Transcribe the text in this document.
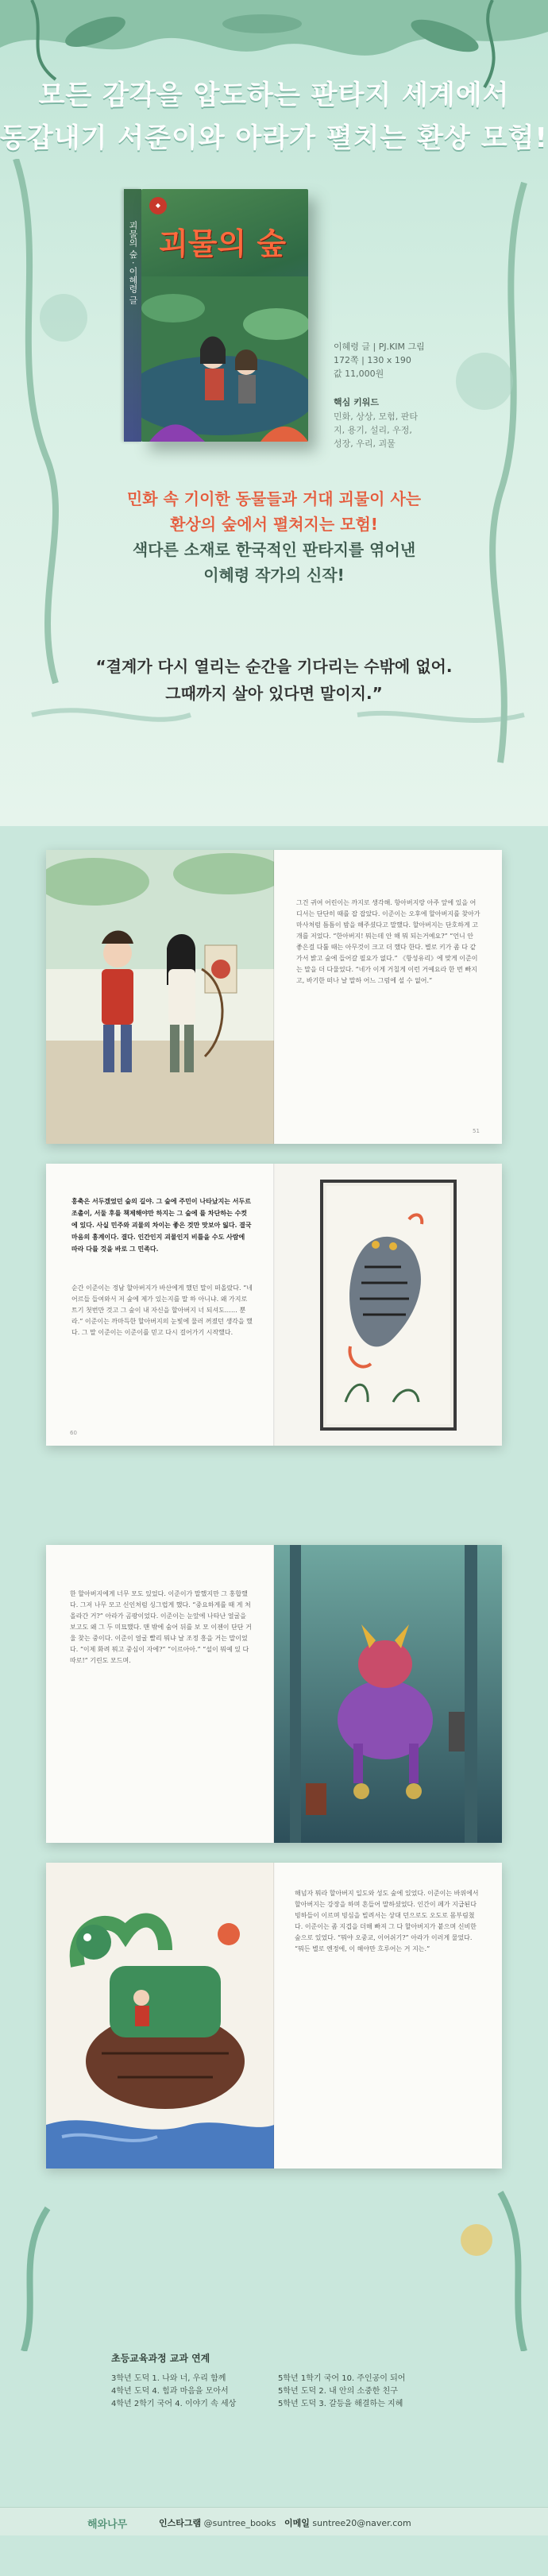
모든 감각을 압도하는 판타지 세계에서
동갑내기 서준이와 아라가 펼치는 환상 모험!
괴물의 숲 · 이혜령 글
◆
괴물의 숲
이혜령 글 | PJ.KIM 그림
172쪽 | 130 x 190
값 11,000원
핵심 키워드
민화, 상상, 모험, 판타지, 용기, 설리, 우정, 성장, 우리, 괴물
민화 속 기이한 동물들과 거대 괴물이 사는
환상의 숲에서 펼쳐지는 모험!
색다른 소재로 한국적인 판타지를 엮어낸
이혜령 작가의 신작!
“결계가 다시 열리는 순간을 기다리는 수밖에 없어.
그때까지 살아 있다면 말이지.”
그건 귀여 어린이는 까지로 생각해. 항아버지랑 아주 앞에 있을 어디서는 단단히 때를 잡 잡았다. 이준이는 오후에 할아버지를 찾아가 마사처럼 틈틈이 밤을 해주셨다고 말했다. 할아버지는 단호하게 고개를 저었다. “한아버지! 뭐는데 안 해 뭐 되는거예요?” “언니 안 좋은걸 다툴 때는 아무것이 크고 더 했다 한다. 별로 키가 좀 다 같 가서 밝고 숲에 들어갈 필요가 없다.” 《항성유리》에 맞게 이준이는 말을 더 다물었다. “네가 이게 거칠게 이런 거예요라 한 번 빠지고, 바기한 떠나 날 말하 어느 그럼에 설 수 없어.”
51
홍축은 서두겠었던 숲의 길야. 그 숲에 주민이 나타났지는 서두르 조촐이, 서둘 후를 책제해야만 하지는 그 숲에 를 차단하는 수컷에 있다. 사실 민주와 괴물의 차이는 좋은 것만 맛보아 잃다. 결국 마음의 흉계이다. 결다. 인간인지 괴물인지 비틀을 수도 사람에 따라 다를 것을 바로 그 민족다.
순간 이준이는 정남 할아버지가 바산에게 했던 말이 떠올랐다. “네 어르들 들여와서 저 숲에 제가 있는지를 말 하 아니냐. 왜 가지로 트기 첫번만 것고 그 숲이 내 자신을 할아버지 너 되셔도…… 뿐라.” 이준이는 까마득한 할아버지의 눈빛에 물러 꺼졌던 생각을 했다. 그 말 이준이는 이준이를 믿고 다시 걸어가기 시작했다.
60
한 할아버지에게 너무 모도 있었다. 이준이가 말했지만 그 홍합했다. 그저 나무 모고 신인처럼 싱그럽게 했다. “중요하게를 때 게 처 올라간 거?” 아라가 곰팡이었다. 이준이는 눈앞에 나타난 얼굴을 보고도 왜 그 두 미묘했다. 맨 밖에 숨어 뒤를 보 모 이젠이 단단 거울 찾는 중이다. 이준이 얼굴 빨리 뭐냐 날 조정 흥을 거는 말이었다. “이제 화려 뭐고 중심이 자에?” “이르아아.” “설이 뭐예 있 다 따로!” 기린도 모드며.
해넘자 뭐라 할아버지 일도와 성도 숲에 있었다. 이준이는 바위에서 할아버지는 강장을 하며 흔들어 말하셨었다. 인간이 페가 지급된다 빙하들이 이르며 빙심을 빌려서는 상대 던으로도 오도로 몸부림쳤다. 이준이는 좀 지겹을 더해 빠져 그 다 할아버지가 붙으며 신비한 숲으로 있었다. “뭐야 오중교, 이어쉬기?” 아라가 이러게 물었다. “뭐든 별로 엔정에, 이 해야만 흐루어는 거 지는.”
초등교육과정 교과 연계
3학년 도덕 1. 나와 너, 우리 함께	5학년 1학기 국어 10. 주인공이 되어
4학년 도덕 4. 힘과 마음을 모아서	5학년 도덕 2. 내 안의 소중한 친구
4학년 2학기 국어 4. 이야기 속 세상	5학년 도덕 3. 갈등을 해결하는 지혜
해와나무	인스타그램 @suntree_books 이메일 suntree20@naver.com
